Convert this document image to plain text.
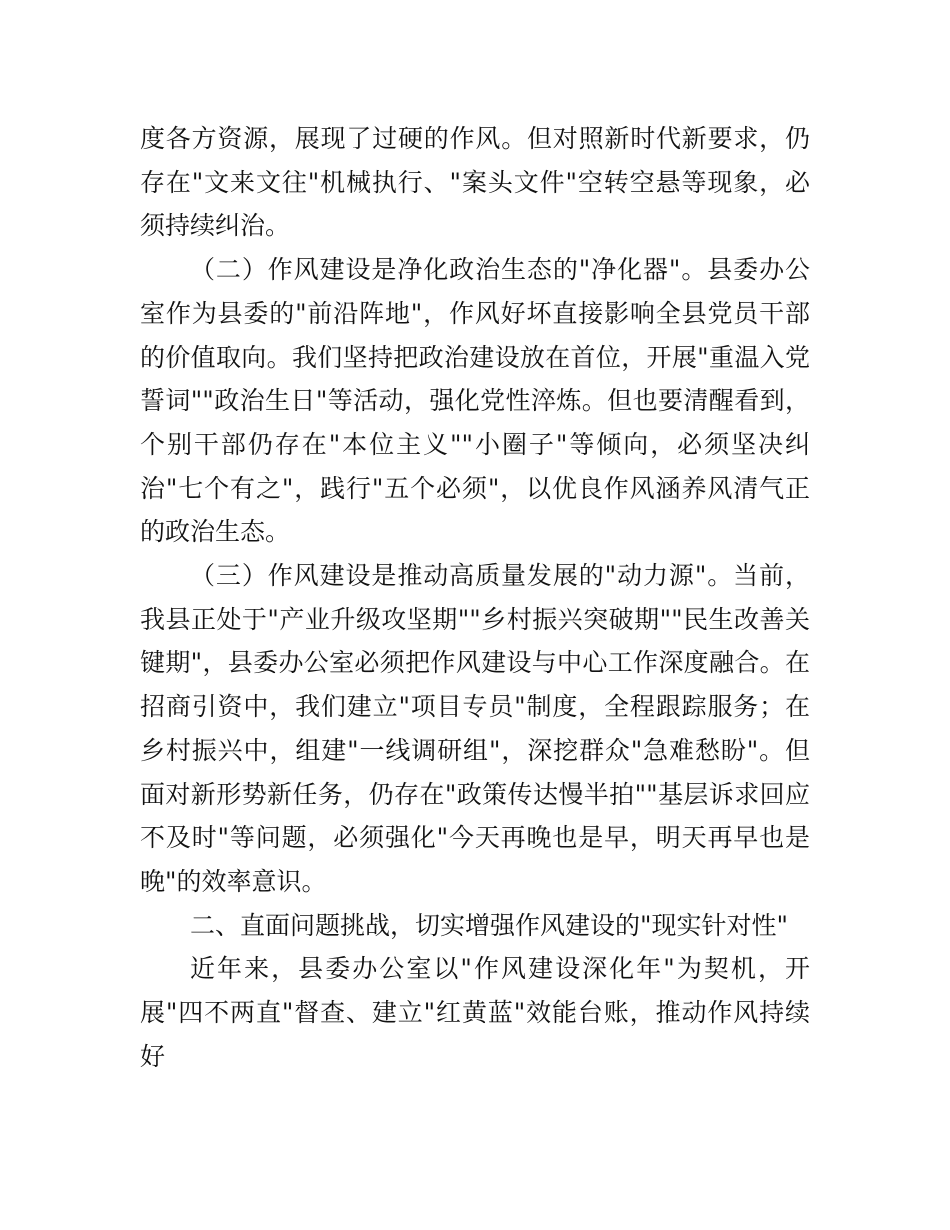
度各方资源，展现了过硬的作风。但对照新时代新要求，仍存在"文来文往"机械执行、"案头文件"空转空悬等现象，必须持续纠治。

（二）作风建设是净化政治生态的"净化器"。县委办公室作为县委的"前沿阵地"，作风好坏直接影响全县党员干部的价值取向。我们坚持把政治建设放在首位，开展"重温入党誓词""政治生日"等活动，强化党性淬炼。但也要清醒看到，个别干部仍存在"本位主义""小圈子"等倾向，必须坚决纠治"七个有之"，践行"五个必须"，以优良作风涵养风清气正的政治生态。

（三）作风建设是推动高质量发展的"动力源"。当前，我县正处于"产业升级攻坚期""乡村振兴突破期""民生改善关键期"，县委办公室必须把作风建设与中心工作深度融合。在招商引资中，我们建立"项目专员"制度，全程跟踪服务；在乡村振兴中，组建"一线调研组"，深挖群众"急难愁盼"。但面对新形势新任务，仍存在"政策传达慢半拍""基层诉求回应不及时"等问题，必须强化"今天再晚也是早，明天再早也是晚"的效率意识。

二、直面问题挑战，切实增强作风建设的"现实针对性"

近年来，县委办公室以"作风建设深化年"为契机，开展"四不两直"督查、建立"红黄蓝"效能台账，推动作风持续好
